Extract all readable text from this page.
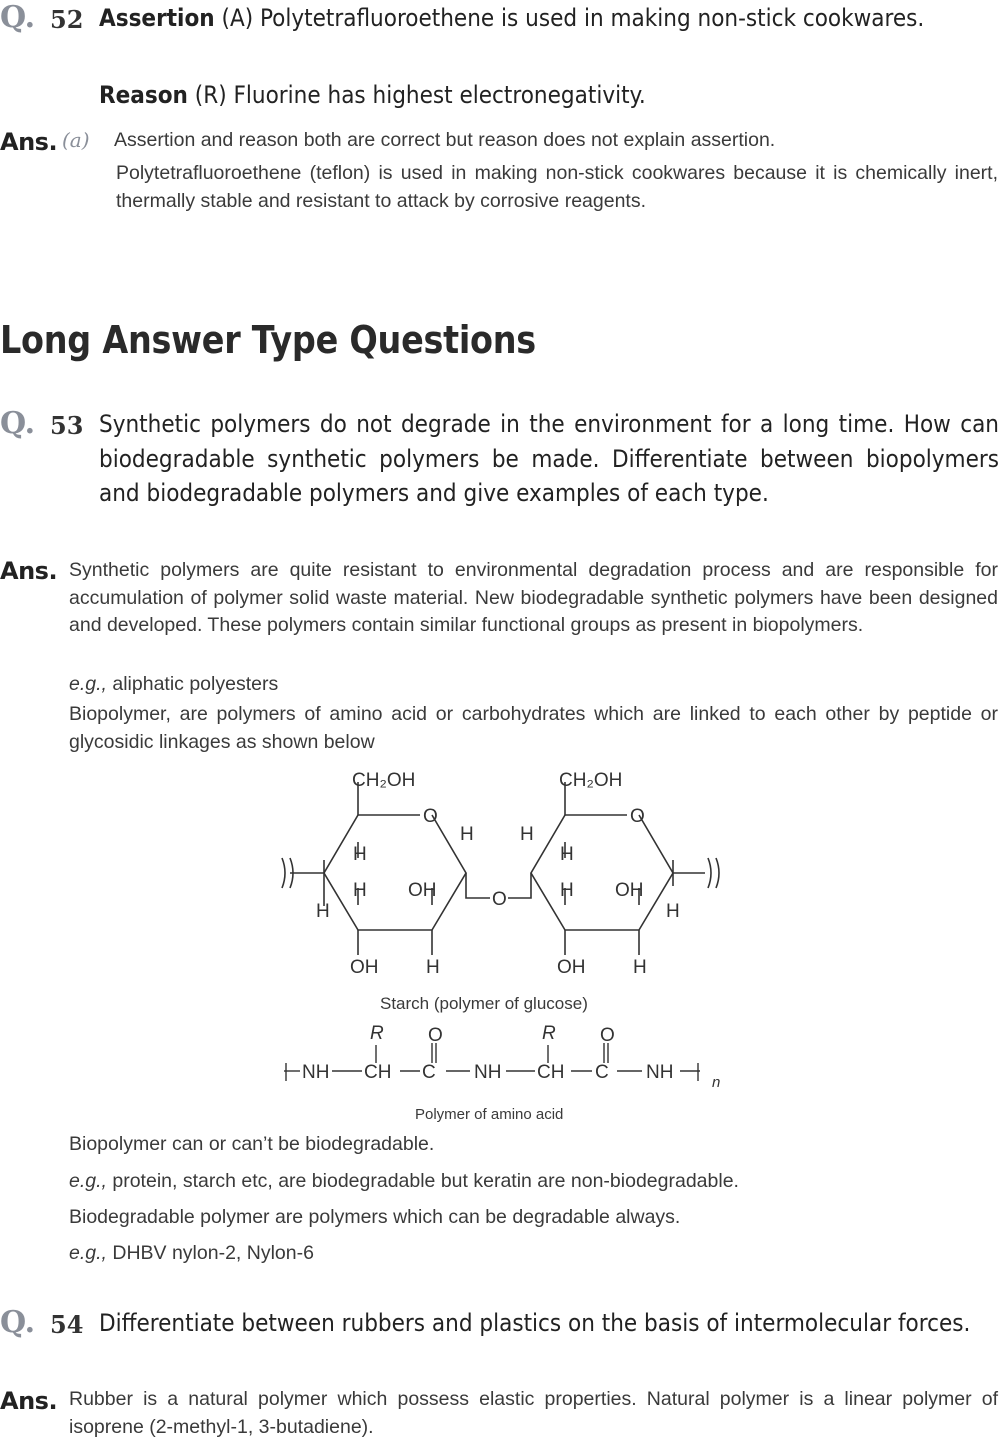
Q. 52 Assertion (A) Polytetrafluoroethene is used in making non-stick cookwares.
Reason (R) Fluorine has highest electronegativity.
Ans. (a) Assertion and reason both are correct but reason does not explain assertion.
Polytetrafluoroethene (teflon) is used in making non-stick cookwares because it is chemically inert, thermally stable and resistant to attack by corrosive reagents.
Long Answer Type Questions
Q. 53 Synthetic polymers do not degrade in the environment for a long time. How can biodegradable synthetic polymers be made. Differentiate between biopolymers and biodegradable polymers and give examples of each type.
Ans. Synthetic polymers are quite resistant to environmental degradation process and are responsible for accumulation of polymer solid waste material. New biodegradable synthetic polymers have been designed and developed. These polymers contain similar functional groups as present in biopolymers.
e.g., aliphatic polyesters
Biopolymer, are polymers of amino acid or carbohydrates which are linked to each other by peptide or glycosidic linkages as shown below
CH₂OH	CH₂OH
O	O
H H
H	H
H OH	O	H OH
H	H
OH	H	OH	H
Starch (polymer of glucose)
R O	R O
NH CH C NH CH C NH	n
Polymer of amino acid
Biopolymer can or can’t be biodegradable.
e.g., protein, starch etc, are biodegradable but keratin are non-biodegradable.
Biodegradable polymer are polymers which can be degradable always.
e.g., DHBV nylon-2, Nylon-6
Q. 54 Differentiate between rubbers and plastics on the basis of intermolecular forces.
Ans. Rubber is a natural polymer which possess elastic properties. Natural polymer is a linear polymer of isoprene (2-methyl-1, 3-butadiene).
